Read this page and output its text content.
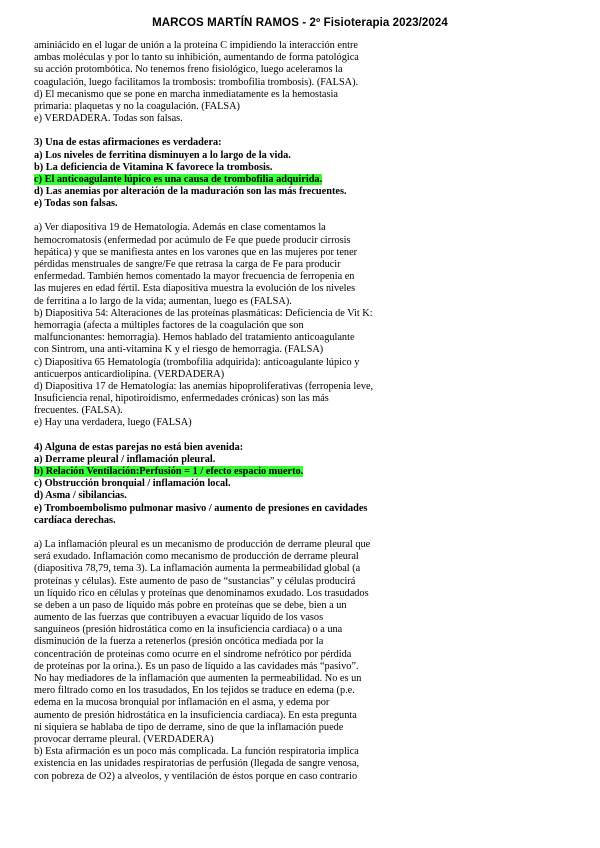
MARCOS MARTÍN RAMOS - 2º Fisioterapia 2023/2024
aminiácido en el lugar de unión a la proteína C impidiendo la interacción entre
ambas moléculas y por lo tanto su inhibición, aumentando de forma patológica
su acción protombótica. No tenemos freno fisiológico, luego aceleramos la
coagulación, luego facilitamos la trombosis: trombofilia trombosis). (FALSA).
d) El mecanismo que se pone en marcha inmediatamente es la hemostasia
primaria: plaquetas y no la coagulación. (FALSA)
e) VERDADERA. Todas son falsas.
3) Una de estas afirmaciones es verdadera:
a) Los niveles de ferritina disminuyen a lo largo de la vida.
b) La deficiencia de Vitamina K favorece la trombosis.
c) El anticoagulante lúpico es una causa de trombofilia adquirida.
d) Las anemias por alteración de la maduración son las más frecuentes.
e) Todas son falsas.
a) Ver diapositiva 19 de Hematología. Además en clase comentamos la
hemocromatosis (enfermedad por acúmulo de Fe que puede producir cirrosis
hepática) y que se manifiesta antes en los varones que en las mujeres por tener
pérdidas menstruales de sangre/Fe que retrasa la carga de Fe para producir
enfermedad. También hemos comentado la mayor frecuencia de ferropenia en
las mujeres en edad fértil. Esta diapositiva muestra la evolución de los niveles
de ferritina a lo largo de la vida; aumentan, luego es (FALSA).
b) Diapositiva 54: Alteraciones de las proteínas plasmáticas: Deficiencia de Vit K:
hemorragia (afecta a múltiples factores de la coagulación que son
malfuncionantes: hemorragia). Hemos hablado del tratamiento anticoagulante
con Sintrom, una anti-vitamina K y el riesgo de hemorragia. (FALSA)
c) Diapositiva 65 Hematología (trombofilia adquirida): anticoagulante lúpico y
anticuerpos anticardiolipina. (VERDADERA)
d) Diapositiva 17 de Hematología: las anemias hipoproliferativas (ferropenia leve,
Insuficiencia renal, hipotiroidismo, enfermedades crónicas) son las más
frecuentes. (FALSA).
e) Hay una verdadera, luego (FALSA)
4) Alguna de estas parejas no está bien avenida:
a) Derrame pleural / inflamación pleural.
b) Relación Ventilación:Perfusión = 1 / efecto espacio muerto.
c) Obstrucción bronquial / inflamación local.
d) Asma / sibilancias.
e) Tromboembolismo pulmonar masivo / aumento de presiones en cavidades
cardíaca derechas.
a) La inflamación pleural es un mecanismo de producción de derrame pleural que
será exudado. Inflamación como mecanismo de producción de derrame pleural
(diapositiva 78,79, tema 3). La inflamación aumenta la permeabilidad global (a
proteínas y células). Este aumento de paso de “sustancias” y células producirá
un líquido rico en células y proteínas que denominamos exudado. Los trasudados
se deben a un paso de líquido más pobre en proteínas que se debe, bien a un
aumento de las fuerzas que contribuyen a evacuar líquido de los vasos
sanguíneos (presión hidrostática como en la insuficiencia cardiaca) o a una
disminución de la fuerza a retenerlos (presión oncótica mediada por la
concentración de proteínas como ocurre en el síndrome nefrótico por pérdida
de proteínas por la orina.). Es un paso de líquido a las cavidades más “pasivo”.
No hay mediadores de la inflamación que aumenten la permeabilidad. No es un
mero filtrado como en los trasudados, En los tejidos se traduce en edema (p.e.
edema en la mucosa bronquial por inflamación en el asma, y edema por
aumento de presión hidrostática en la insuficiencia cardiaca). En esta pregunta
ni siquiera se hablaba de tipo de derrame, sino de que la inflamación puede
provocar derrame pleural. (VERDADERA)
b) Esta afirmación es un poco más complicada. La función respiratoria implica
existencia en las unidades respiratorias de perfusión (llegada de sangre venosa,
con pobreza de O2) a alveolos, y ventilación de éstos porque en caso contrario
